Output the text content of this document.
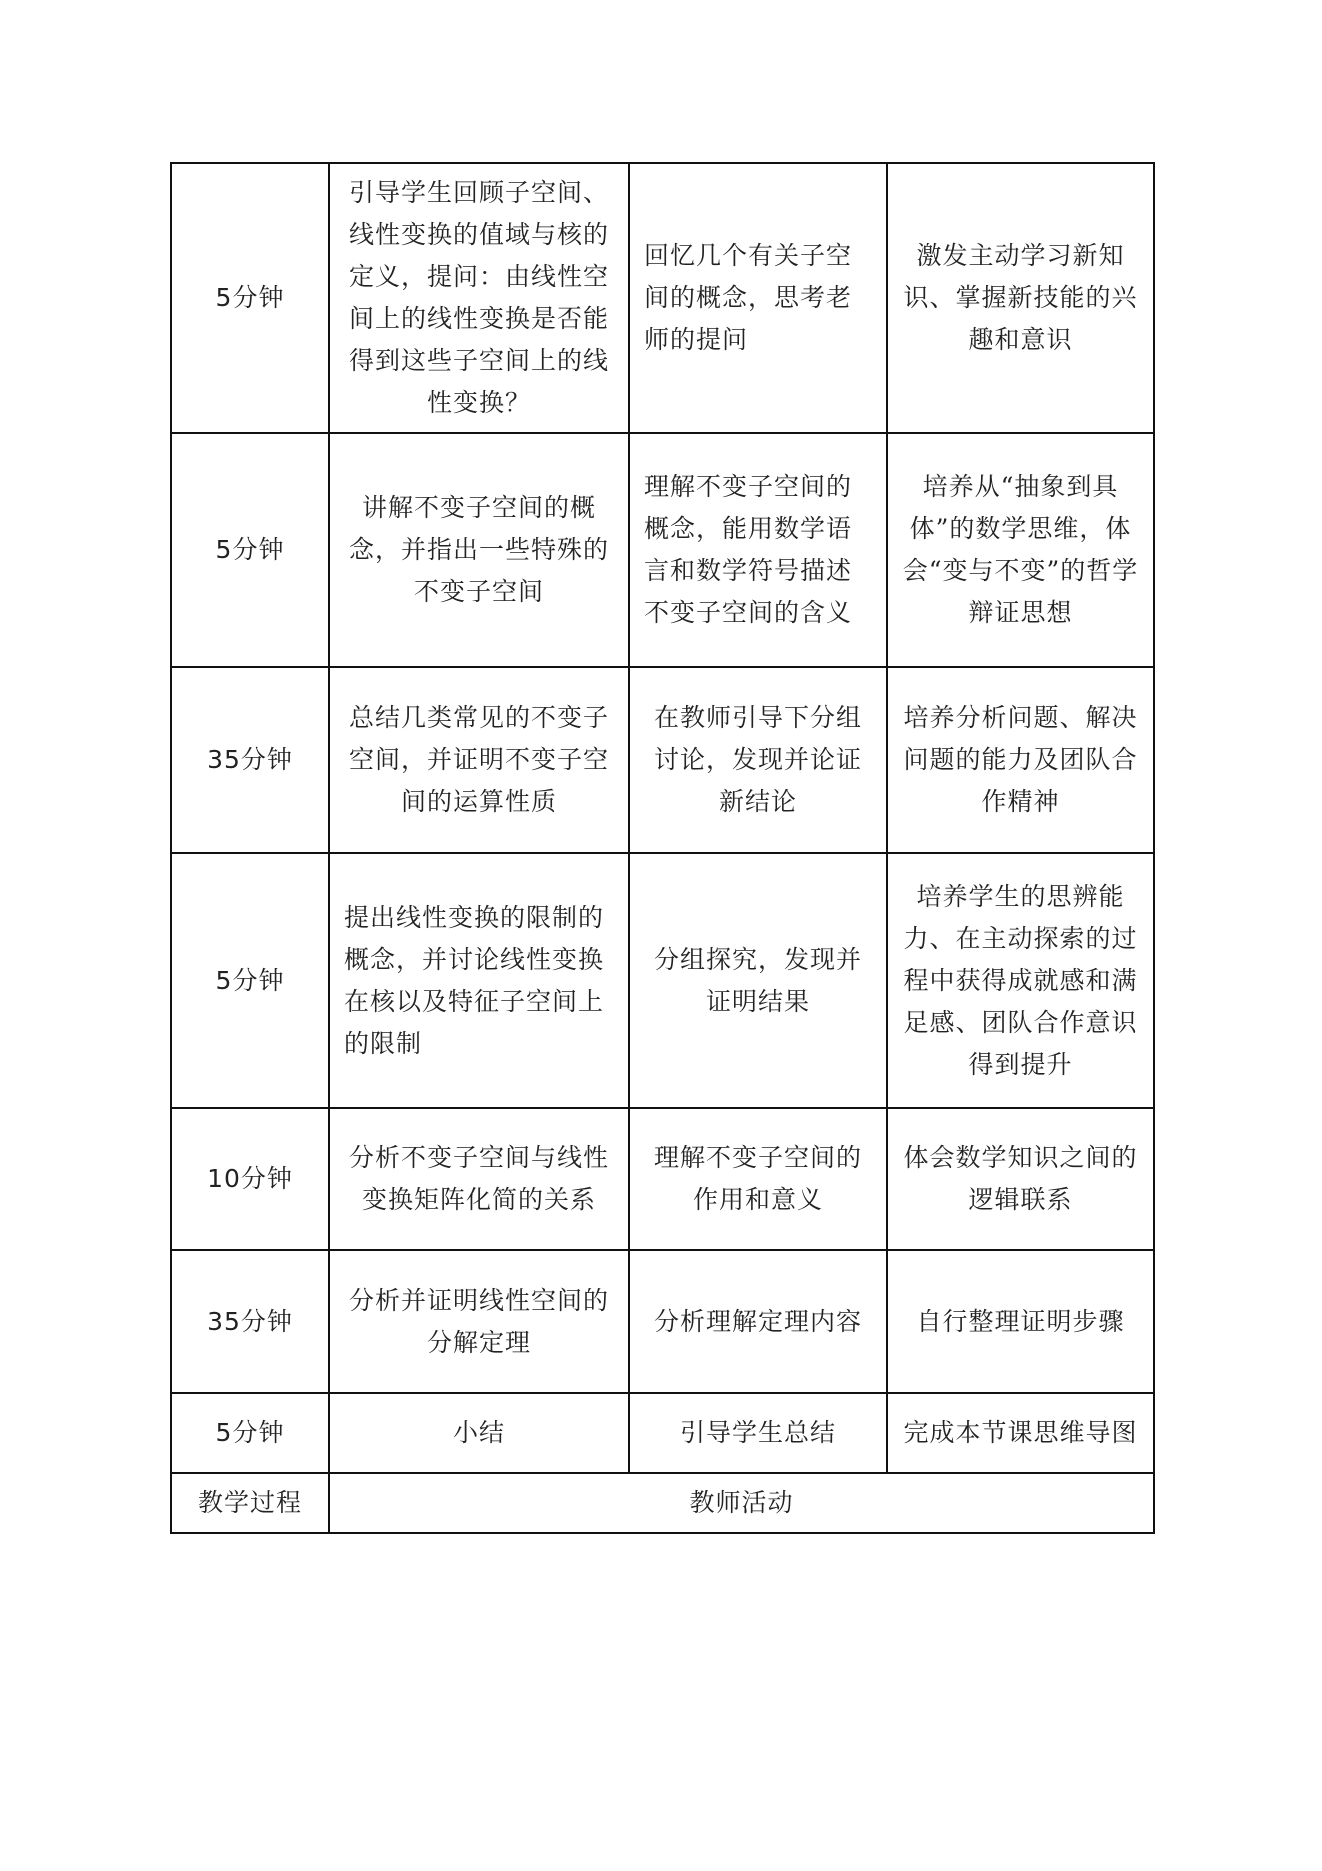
5分钟	引导学生回顾子空间、线性变换的值域与核的定义，提问：由线性空间上的线性变换是否能得到这些子空间上的线性变换？	回忆几个有关子空间的概念，思考老师的提问	激发主动学习新知识、掌握新技能的兴趣和意识
5分钟	讲解不变子空间的概念，并指出一些特殊的不变子空间	理解不变子空间的概念，能用数学语言和数学符号描述不变子空间的含义	培养从“抽象到具体”的数学思维，体会“变与不变”的哲学辩证思想
35分钟	总结几类常见的不变子空间，并证明不变子空间的运算性质	在教师引导下分组讨论，发现并论证新结论	培养分析问题、解决问题的能力及团队合作精神
5分钟	提出线性变换的限制的概念，并讨论线性变换在核以及特征子空间上的限制	分组探究，发现并证明结果	培养学生的思辨能力、在主动探索的过程中获得成就感和满足感、团队合作意识得到提升
10分钟	分析不变子空间与线性变换矩阵化简的关系	理解不变子空间的作用和意义	体会数学知识之间的逻辑联系
35分钟	分析并证明线性空间的分解定理	分析理解定理内容	自行整理证明步骤
5分钟	小结	引导学生总结	完成本节课思维导图
教学过程	教师活动		
